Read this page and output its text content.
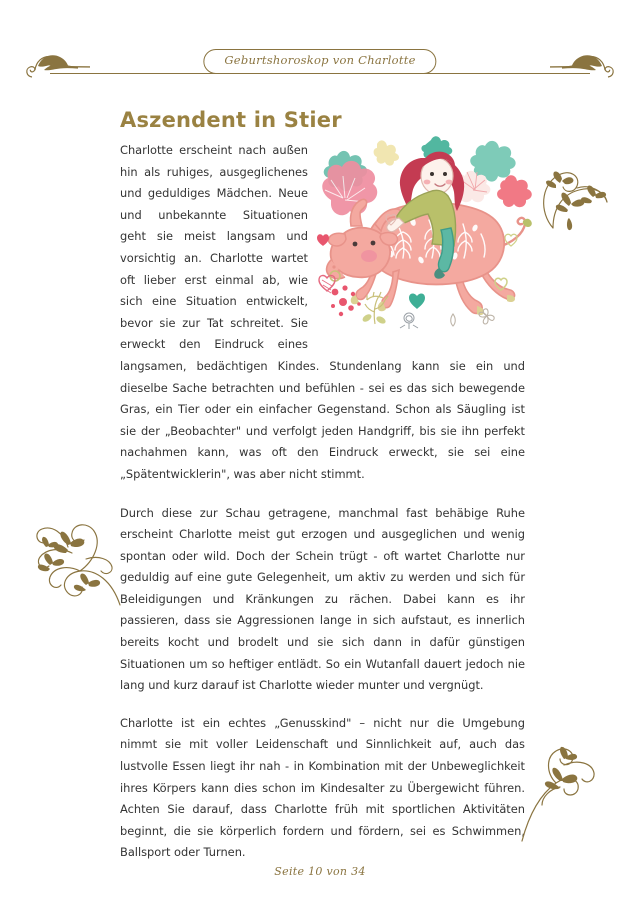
Geburtshoroskop von Charlotte
Aszendent in Stier

Charlotte erscheint nach außen hin als ruhiges, ausgeglichenes und geduldiges Mädchen. Neue und unbekannte Situationen geht sie meist langsam und vorsichtig an. Charlotte wartet oft lieber erst einmal ab, wie sich eine Situation entwickelt, bevor sie zur Tat schreitet. Sie erweckt den Eindruck eines langsamen, bedächtigen Kindes. Stundenlang kann sie ein und dieselbe Sache betrachten und befühlen - sei es das sich bewegende Gras, ein Tier oder ein einfacher Gegenstand. Schon als Säugling ist sie der „Beobachter" und verfolgt jeden Handgriff, bis sie ihn perfekt nachahmen kann, was oft den Eindruck erweckt, sie sei eine „Spätentwicklerin", was aber nicht stimmt.

Durch diese zur Schau getragene, manchmal fast behäbige Ruhe erscheint Charlotte meist gut erzogen und ausgeglichen und wenig spontan oder wild. Doch der Schein trügt - oft wartet Charlotte nur geduldig auf eine gute Gelegenheit, um aktiv zu werden und sich für Beleidigungen und Kränkungen zu rächen. Dabei kann es ihr passieren, dass sie Aggressionen lange in sich aufstaut, es innerlich bereits kocht und brodelt und sie sich dann in dafür günstigen Situationen um so heftiger entlädt. So ein Wutanfall dauert jedoch nie lang und kurz darauf ist Charlotte wieder munter und vergnügt.

Charlotte ist ein echtes „Genusskind" – nicht nur die Umgebung nimmt sie mit voller Leidenschaft und Sinnlichkeit auf, auch das lustvolle Essen liegt ihr nah - in Kombination mit der Unbeweglichkeit ihres Körpers kann dies schon im Kindesalter zu Übergewicht führen. Achten Sie darauf, dass Charlotte früh mit sportlichen Aktivitäten beginnt, die sie körperlich fordern und fördern, sei es Schwimmen, Ballsport oder Turnen.

Seite 10 von 34
